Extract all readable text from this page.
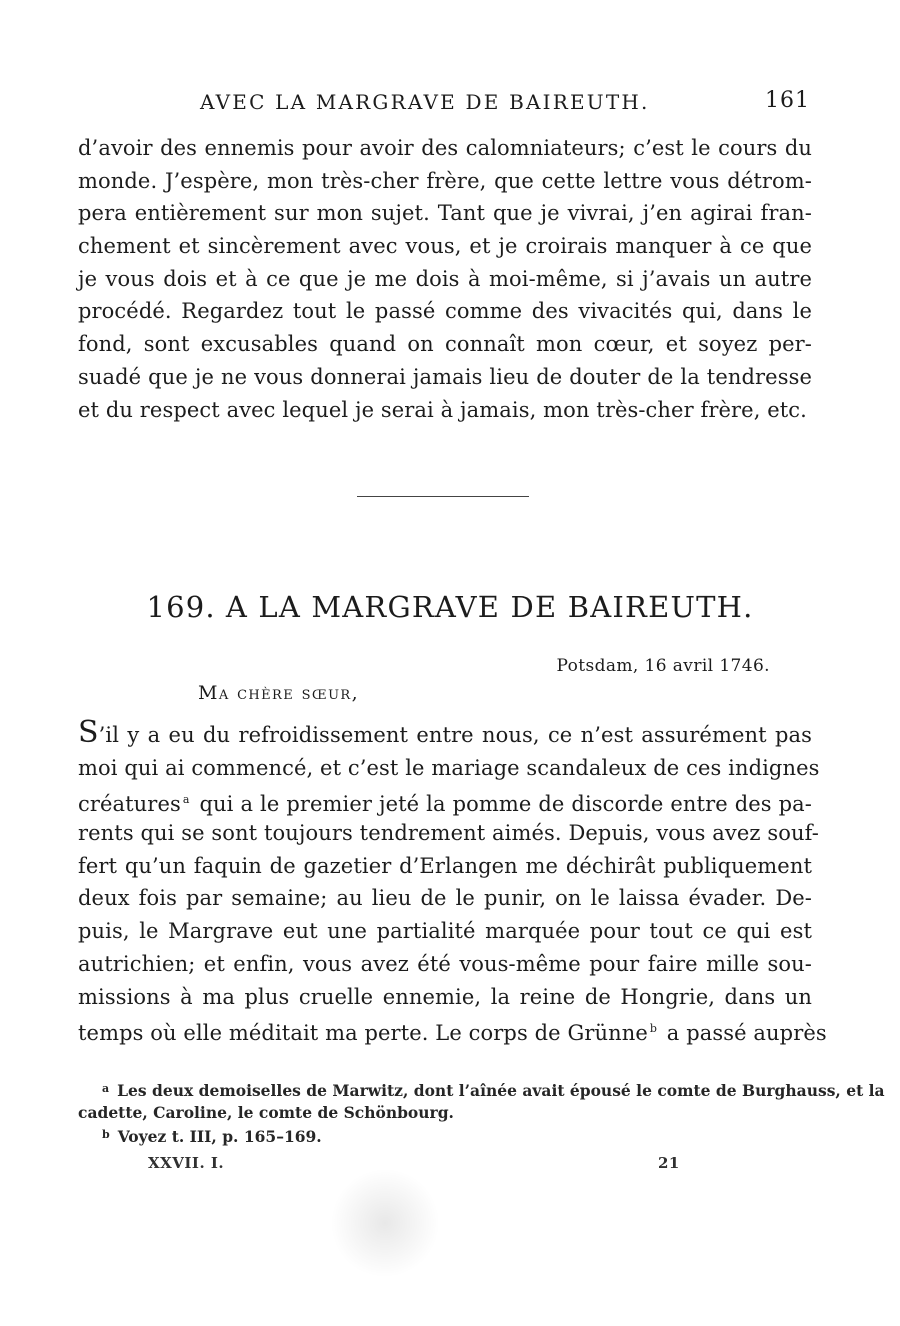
AVEC LA MARGRAVE DE BAIREUTH.	161
d’avoir des ennemis pour avoir des calomniateurs; c’est le cours du
monde. J’espère, mon très-cher frère, que cette lettre vous détrom-
pera entièrement sur mon sujet. Tant que je vivrai, j’en agirai fran-
chement et sincèrement avec vous, et je croirais manquer à ce que
je vous dois et à ce que je me dois à moi-même, si j’avais un autre
procédé. Regardez tout le passé comme des vivacités qui, dans le
fond, sont excusables quand on connaît mon cœur, et soyez per-
suadé que je ne vous donnerai jamais lieu de douter de la tendresse
et du respect avec lequel je serai à jamais, mon très-cher frère, etc.
169. A LA MARGRAVE DE BAIREUTH.
Potsdam, 16 avril 1746.
Ma chère sœur,
S’il y a eu du refroidissement entre nous, ce n’est assurément pas
moi qui ai commencé, et c’est le mariage scandaleux de ces indignes
créatures $^a$ qui a le premier jeté la pomme de discorde entre des pa-
rents qui se sont toujours tendrement aimés. Depuis, vous avez souf-
fert qu’un faquin de gazetier d’Erlangen me déchirât publiquement
deux fois par semaine; au lieu de le punir, on le laissa évader. De-
puis, le Margrave eut une partialité marquée pour tout ce qui est
autrichien; et enfin, vous avez été vous-même pour faire mille sou-
missions à ma plus cruelle ennemie, la reine de Hongrie, dans un
temps où elle méditait ma perte. Le corps de Grünne $^b$ a passé auprès
$^a$ Les deux demoiselles de Marwitz, dont l’aînée avait épousé le comte de Burghauss, et la
cadette, Caroline, le comte de Schönbourg.
$^b$ Voyez t. III, p. 165–169.
XXVII. I.	21
